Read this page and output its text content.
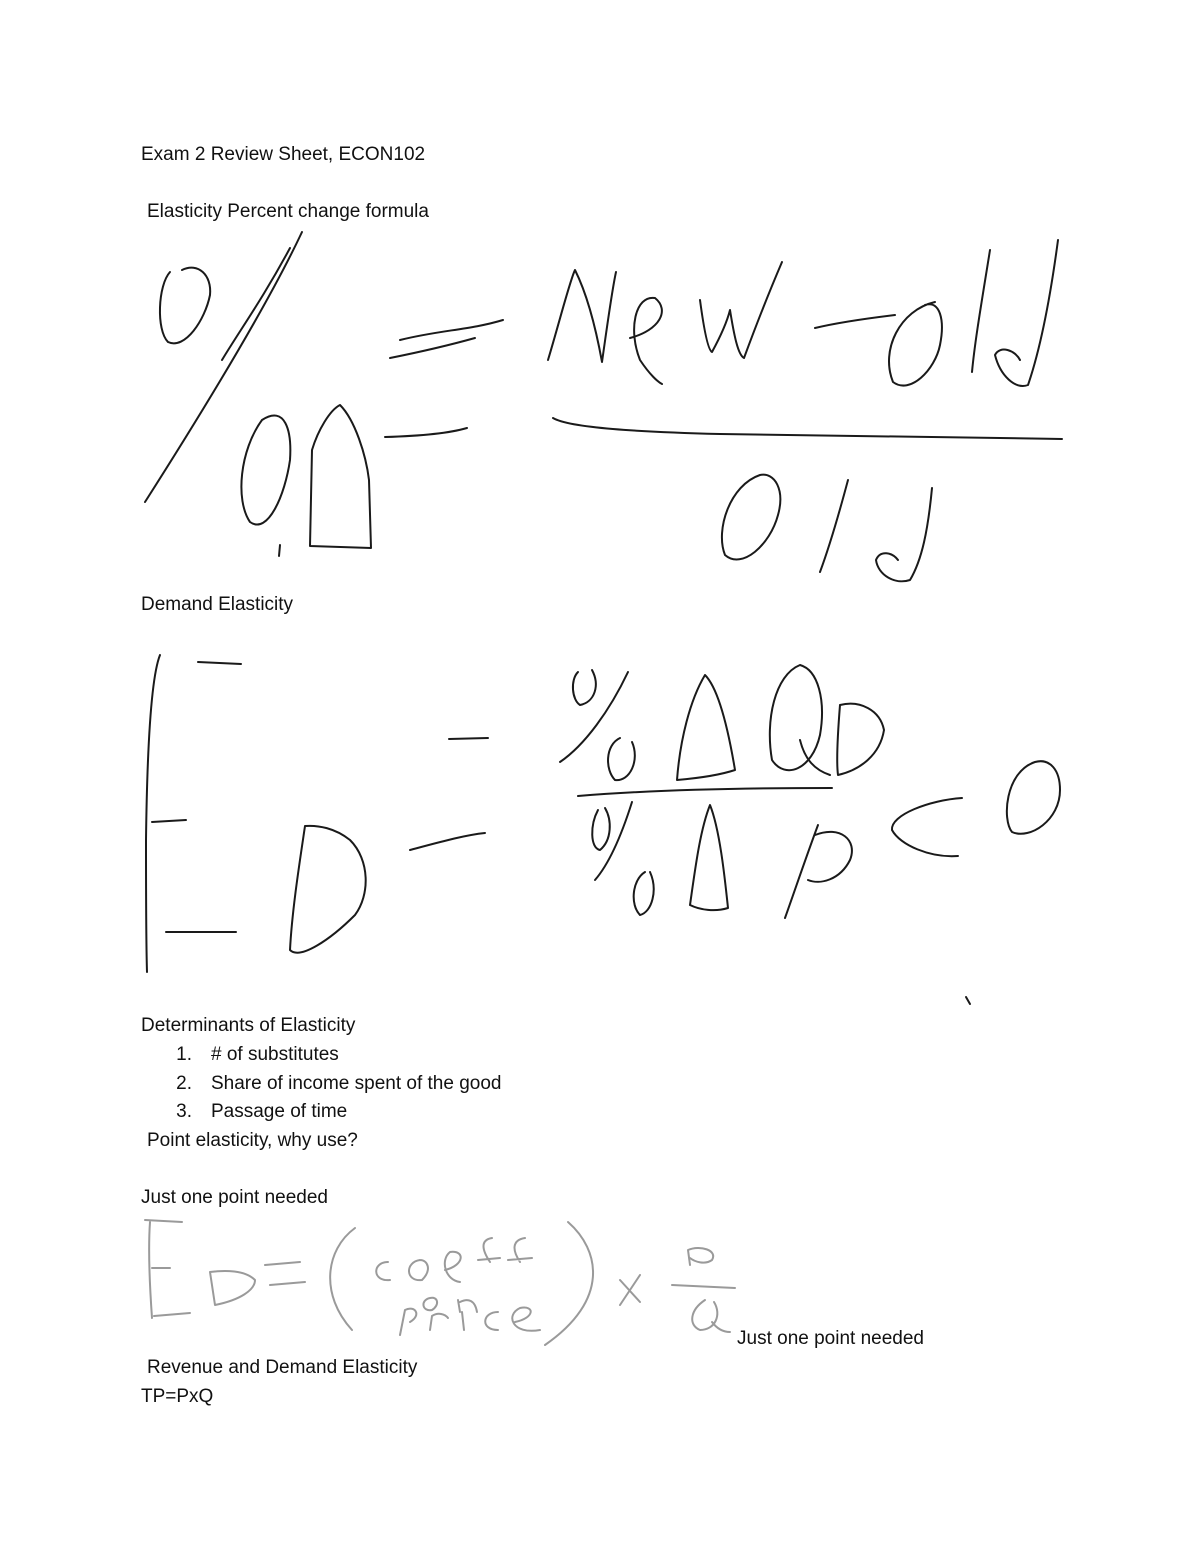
Exam 2 Review Sheet, ECON102
Elasticity Percent change formula
Demand Elasticity
Determinants of Elasticity
1. # of substitutes
2. Share of income spent of the good
3. Passage of time
Point elasticity, why use?
Just one point needed
Just one point needed
Revenue and Demand Elasticity
TP=PxQ
